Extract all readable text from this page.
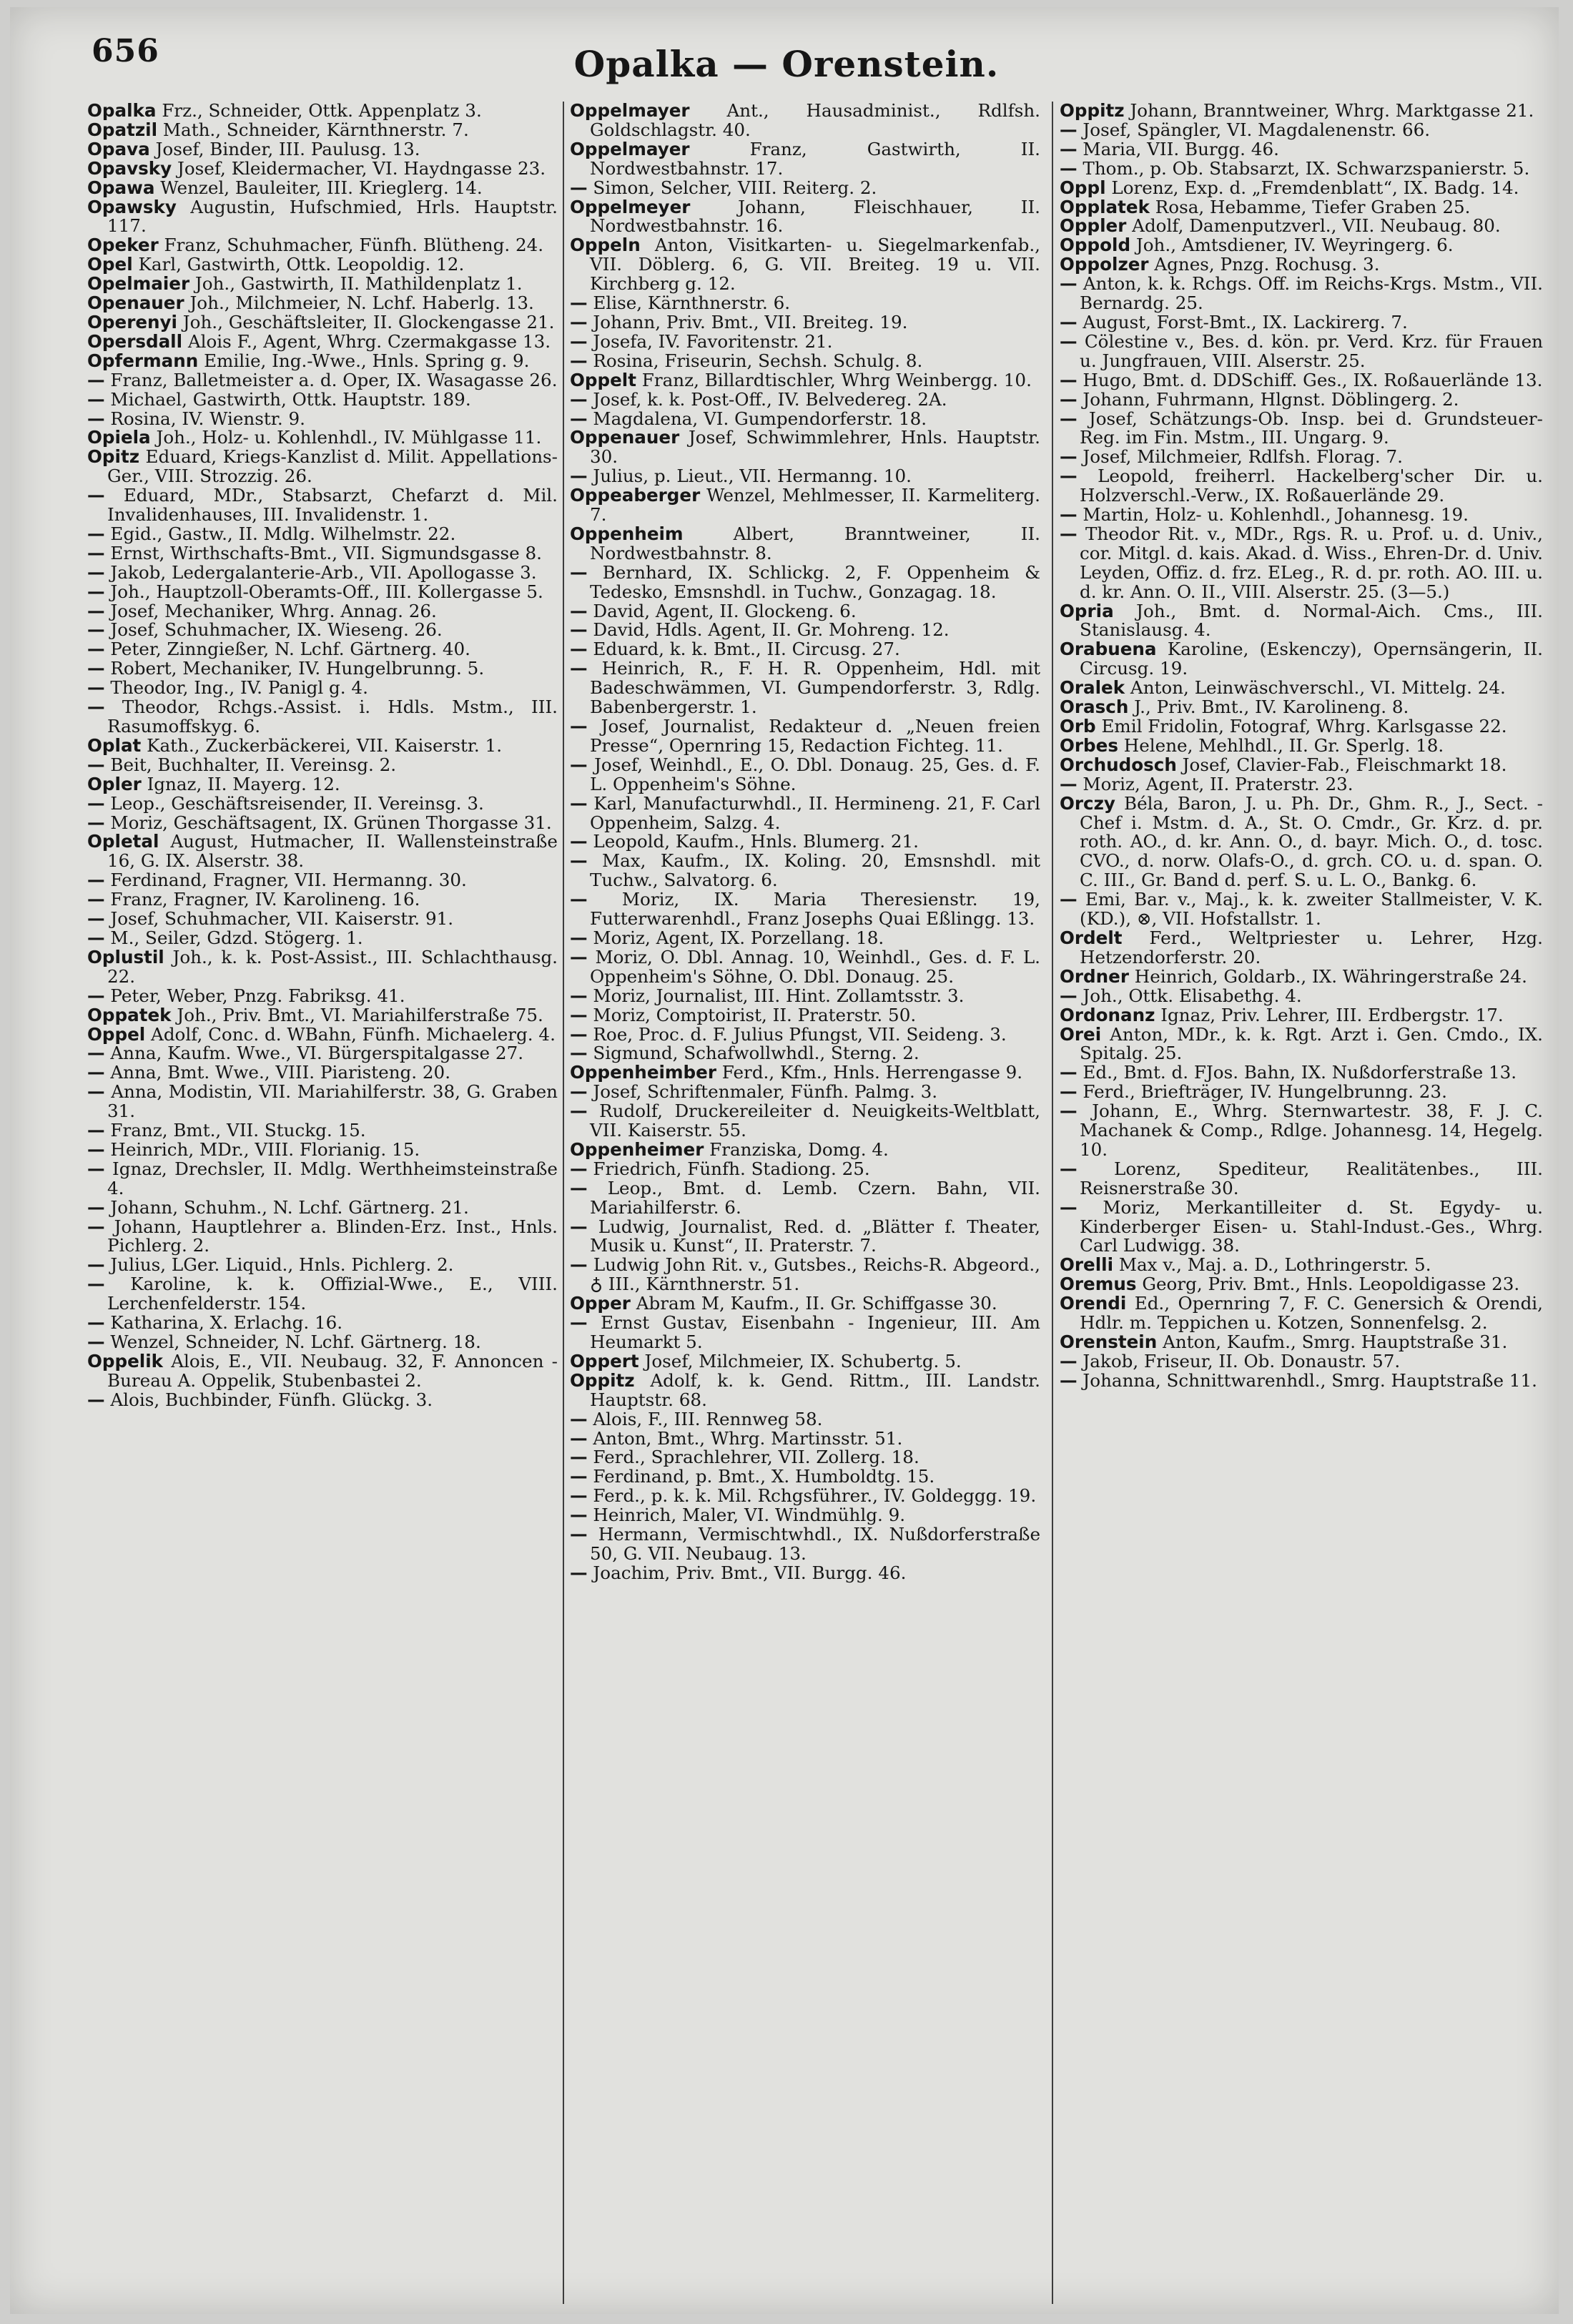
656	Opalka — Orenstein.

Opalka Frz., Schneider, Ottk. Appenplatz 3.

Opatzil Math., Schneider, Kärnthnerstr. 7.

Opava Josef, Binder, III. Paulusg. 13.

Opavsky Josef, Kleidermacher, VI. Haydngasse 23.

Opawa Wenzel, Bauleiter, III. Krieglerg. 14.

Opawsky Augustin, Hufschmied, Hrls. Hauptstr. 117.

Opeker Franz, Schuhmacher, Fünfh. Blütheng. 24.

Opel Karl, Gastwirth, Ottk. Leopoldig. 12.

Opelmaier Joh., Gastwirth, II. Mathildenplatz 1.

Openauer Joh., Milchmeier, N. Lchf. Haberlg. 13.

Operenyi Joh., Geschäftsleiter, II. Glockengasse 21.

Opersdall Alois F., Agent, Whrg. Czermakgasse 13.

Opfermann Emilie, Ing.-Wwe., Hnls. Spring g. 9.

— Franz, Balletmeister a. d. Oper, IX. Wasagasse 26.

— Michael, Gastwirth, Ottk. Hauptstr. 189.

— Rosina, IV. Wienstr. 9.

Opiela Joh., Holz- u. Kohlenhdl., IV. Mühlgasse 11.

Opitz Eduard, Kriegs-Kanzlist d. Milit. Appellations-Ger., VIII. Strozzig. 26.

— Eduard, MDr., Stabsarzt, Chefarzt d. Mil. Invalidenhauses, III. Invalidenstr. 1.

— Egid., Gastw., II. Mdlg. Wilhelmstr. 22.

— Ernst, Wirthschafts-Bmt., VII. Sigmundsgasse 8.

— Jakob, Ledergalanterie-Arb., VII. Apollogasse 3.

— Joh., Hauptzoll-Oberamts-Off., III. Kollergasse 5.

— Josef, Mechaniker, Whrg. Annag. 26.

— Josef, Schuhmacher, IX. Wieseng. 26.

— Peter, Zinngießer, N. Lchf. Gärtnerg. 40.

— Robert, Mechaniker, IV. Hungelbrunng. 5.

— Theodor, Ing., IV. Panigl g. 4.

— Theodor, Rchgs.-Assist. i. Hdls. Mstm., III. Rasumoffskyg. 6.

Oplat Kath., Zuckerbäckerei, VII. Kaiserstr. 1.

— Beit, Buchhalter, II. Vereinsg. 2.

Opler Ignaz, II. Mayerg. 12.

— Leop., Geschäftsreisender, II. Vereinsg. 3.

— Moriz, Geschäftsagent, IX. Grünen Thorgasse 31.

Opletal August, Hutmacher, II. Wallensteinstraße 16, G. IX. Alserstr. 38.

— Ferdinand, Fragner, VII. Hermanng. 30.

— Franz, Fragner, IV. Karolineng. 16.

— Josef, Schuhmacher, VII. Kaiserstr. 91.

— M., Seiler, Gdzd. Stögerg. 1.

Oplustil Joh., k. k. Post-Assist., III. Schlachthausg. 22.

— Peter, Weber, Pnzg. Fabriksg. 41.

Oppatek Joh., Priv. Bmt., VI. Mariahilferstraße 75.

Oppel Adolf, Conc. d. WBahn, Fünfh. Michaelerg. 4.

— Anna, Kaufm. Wwe., VI. Bürgerspitalgasse 27.

— Anna, Bmt. Wwe., VIII. Piaristeng. 20.

— Anna, Modistin, VII. Mariahilferstr. 38, G. Graben 31.

— Franz, Bmt., VII. Stuckg. 15.

— Heinrich, MDr., VIII. Florianig. 15.

— Ignaz, Drechsler, II. Mdlg. Werthheimsteinstraße 4.

— Johann, Schuhm., N. Lchf. Gärtnerg. 21.

— Johann, Hauptlehrer a. Blinden-Erz. Inst., Hnls. Pichlerg. 2.

— Julius, LGer. Liquid., Hnls. Pichlerg. 2.

— Karoline, k. k. Offizial-Wwe., E., VIII. Lerchenfelderstr. 154.

— Katharina, X. Erlachg. 16.

— Wenzel, Schneider, N. Lchf. Gärtnerg. 18.

Oppelik Alois, E., VII. Neubaug. 32, F. Annoncen - Bureau A. Oppelik, Stubenbastei 2.

— Alois, Buchbinder, Fünfh. Glückg. 3.

Oppelmayer Ant., Hausadminist., Rdlfsh. Goldschlagstr. 40.

Oppelmayer Franz, Gastwirth, II. Nordwestbahnstr. 17.

— Simon, Selcher, VIII. Reiterg. 2.

Oppelmeyer Johann, Fleischhauer, II. Nordwestbahnstr. 16.

Oppeln Anton, Visitkarten- u. Siegelmarkenfab., VII. Döblerg. 6, G. VII. Breiteg. 19 u. VII. Kirchberg g. 12.

— Elise, Kärnthnerstr. 6.

— Johann, Priv. Bmt., VII. Breiteg. 19.

— Josefa, IV. Favoritenstr. 21.

— Rosina, Friseurin, Sechsh. Schulg. 8.

Oppelt Franz, Billardtischler, Whrg Weinbergg. 10.

— Josef, k. k. Post-Off., IV. Belvedereg. 2A.

— Magdalena, VI. Gumpendorferstr. 18.

Oppenauer Josef, Schwimmlehrer, Hnls. Hauptstr. 30.

— Julius, p. Lieut., VII. Hermanng. 10.

Oppeaberger Wenzel, Mehlmesser, II. Karmeliterg. 7.

Oppenheim Albert, Branntweiner, II. Nordwestbahnstr. 8.

— Bernhard, IX. Schlickg. 2, F. Oppenheim & Tedesko, Emsnshdl. in Tuchw., Gonzagag. 18.

— David, Agent, II. Glockeng. 6.

— David, Hdls. Agent, II. Gr. Mohreng. 12.

— Eduard, k. k. Bmt., II. Circusg. 27.

— Heinrich, R., F. H. R. Oppenheim, Hdl. mit Badeschwämmen, VI. Gumpendorferstr. 3, Rdlg. Babenbergerstr. 1.

— Josef, Journalist, Redakteur d. „Neuen freien Presse“, Opernring 15, Redaction Fichteg. 11.

— Josef, Weinhdl., E., O. Dbl. Donaug. 25, Ges. d. F. L. Oppenheim's Söhne.

— Karl, Manufacturwhdl., II. Hermineng. 21, F. Carl Oppenheim, Salzg. 4.

— Leopold, Kaufm., Hnls. Blumerg. 21.

— Max, Kaufm., IX. Koling. 20, Emsnshdl. mit Tuchw., Salvatorg. 6.

— Moriz, IX. Maria Theresienstr. 19, Futterwarenhdl., Franz Josephs Quai Eßlingg. 13.

— Moriz, Agent, IX. Porzellang. 18.

— Moriz, O. Dbl. Annag. 10, Weinhdl., Ges. d. F. L. Oppenheim's Söhne, O. Dbl. Donaug. 25.

— Moriz, Journalist, III. Hint. Zollamtsstr. 3.

— Moriz, Comptoirist, II. Praterstr. 50.

— Roe, Proc. d. F. Julius Pfungst, VII. Seideng. 3.

— Sigmund, Schafwollwhdl., Sterng. 2.

Oppenheimber Ferd., Kfm., Hnls. Herrengasse 9.

— Josef, Schriftenmaler, Fünfh. Palmg. 3.

— Rudolf, Druckereileiter d. Neuigkeits-Weltblatt, VII. Kaiserstr. 55.

Oppenheimer Franziska, Domg. 4.

— Friedrich, Fünfh. Stadiong. 25.

— Leop., Bmt. d. Lemb. Czern. Bahn, VII. Mariahilferstr. 6.

— Ludwig, Journalist, Red. d. „Blätter f. Theater, Musik u. Kunst“, II. Praterstr. 7.

— Ludwig John Rit. v., Gutsbes., Reichs-R. Abgeord., ♁ III., Kärnthnerstr. 51.

Opper Abram M, Kaufm., II. Gr. Schiffgasse 30.

— Ernst Gustav, Eisenbahn - Ingenieur, III. Am Heumarkt 5.

Oppert Josef, Milchmeier, IX. Schubertg. 5.

Oppitz Adolf, k. k. Gend. Rittm., III. Landstr. Hauptstr. 68.

— Alois, F., III. Rennweg 58.

— Anton, Bmt., Whrg. Martinsstr. 51.

— Ferd., Sprachlehrer, VII. Zollerg. 18.

— Ferdinand, p. Bmt., X. Humboldtg. 15.

— Ferd., p. k. k. Mil. Rchgsführer., IV. Goldeggg. 19.

— Heinrich, Maler, VI. Windmühlg. 9.

— Hermann, Vermischtwhdl., IX. Nußdorferstraße 50, G. VII. Neubaug. 13.

— Joachim, Priv. Bmt., VII. Burgg. 46.

Oppitz Johann, Branntweiner, Whrg. Marktgasse 21.

— Josef, Spängler, VI. Magdalenenstr. 66.

— Maria, VII. Burgg. 46.

— Thom., p. Ob. Stabsarzt, IX. Schwarzspanierstr. 5.

Oppl Lorenz, Exp. d. „Fremdenblatt“, IX. Badg. 14.

Opplatek Rosa, Hebamme, Tiefer Graben 25.

Oppler Adolf, Damenputzverl., VII. Neubaug. 80.

Oppold Joh., Amtsdiener, IV. Weyringerg. 6.

Oppolzer Agnes, Pnzg. Rochusg. 3.

— Anton, k. k. Rchgs. Off. im Reichs-Krgs. Mstm., VII. Bernardg. 25.

— August, Forst-Bmt., IX. Lackirerg. 7.

— Cölestine v., Bes. d. kön. pr. Verd. Krz. für Frauen u. Jungfrauen, VIII. Alserstr. 25.

— Hugo, Bmt. d. DDSchiff. Ges., IX. Roßauerlände 13.

— Johann, Fuhrmann, Hlgnst. Döblingerg. 2.

— Josef, Schätzungs-Ob. Insp. bei d. Grundsteuer-Reg. im Fin. Mstm., III. Ungarg. 9.

— Josef, Milchmeier, Rdlfsh. Florag. 7.

— Leopold, freiherrl. Hackelberg'scher Dir. u. Holzverschl.-Verw., IX. Roßauerlände 29.

— Martin, Holz- u. Kohlenhdl., Johannesg. 19.

— Theodor Rit. v., MDr., Rgs. R. u. Prof. u. d. Univ., cor. Mitgl. d. kais. Akad. d. Wiss., Ehren-Dr. d. Univ. Leyden, Offiz. d. frz. ELeg., R. d. pr. roth. AO. III. u. d. kr. Ann. O. II., VIII. Alserstr. 25. (3—5.)

Opria Joh., Bmt. d. Normal-Aich. Cms., III. Stanislausg. 4.

Orabuena Karoline, (Eskenczy), Opernsängerin, II. Circusg. 19.

Oralek Anton, Leinwäschverschl., VI. Mittelg. 24.

Orasch J., Priv. Bmt., IV. Karolineng. 8.

Orb Emil Fridolin, Fotograf, Whrg. Karlsgasse 22.

Orbes Helene, Mehlhdl., II. Gr. Sperlg. 18.

Orchudosch Josef, Clavier-Fab., Fleischmarkt 18.

— Moriz, Agent, II. Praterstr. 23.

Orczy Béla, Baron, J. u. Ph. Dr., Ghm. R., J., Sect. - Chef i. Mstm. d. A., St. O. Cmdr., Gr. Krz. d. pr. roth. AO., d. kr. Ann. O., d. bayr. Mich. O., d. tosc. CVO., d. norw. Olafs-O., d. grch. CO. u. d. span. O. C. III., Gr. Band d. perf. S. u. L. O., Bankg. 6.

— Emi, Bar. v., Maj., k. k. zweiter Stallmeister, V. K. (KD.), ⊗, VII. Hofstallstr. 1.

Ordelt Ferd., Weltpriester u. Lehrer, Hzg. Hetzendorferstr. 20.

Ordner Heinrich, Goldarb., IX. Währingerstraße 24.

— Joh., Ottk. Elisabethg. 4.

Ordonanz Ignaz, Priv. Lehrer, III. Erdbergstr. 17.

Orei Anton, MDr., k. k. Rgt. Arzt i. Gen. Cmdo., IX. Spitalg. 25.

— Ed., Bmt. d. FJos. Bahn, IX. Nußdorferstraße 13.

— Ferd., Briefträger, IV. Hungelbrunng. 23.

— Johann, E., Whrg. Sternwartestr. 38, F. J. C. Machanek & Comp., Rdlge. Johannesg. 14, Hegelg. 10.

— Lorenz, Spediteur, Realitätenbes., III. Reisnerstraße 30.

— Moriz, Merkantilleiter d. St. Egydy- u. Kinderberger Eisen- u. Stahl-Indust.-Ges., Whrg. Carl Ludwigg. 38.

Orelli Max v., Maj. a. D., Lothringerstr. 5.

Oremus Georg, Priv. Bmt., Hnls. Leopoldigasse 23.

Orendi Ed., Opernring 7, F. C. Genersich & Orendi, Hdlr. m. Teppichen u. Kotzen, Sonnenfelsg. 2.

Orenstein Anton, Kaufm., Smrg. Hauptstraße 31.

— Jakob, Friseur, II. Ob. Donaustr. 57.

— Johanna, Schnittwarenhdl., Smrg. Hauptstraße 11.
